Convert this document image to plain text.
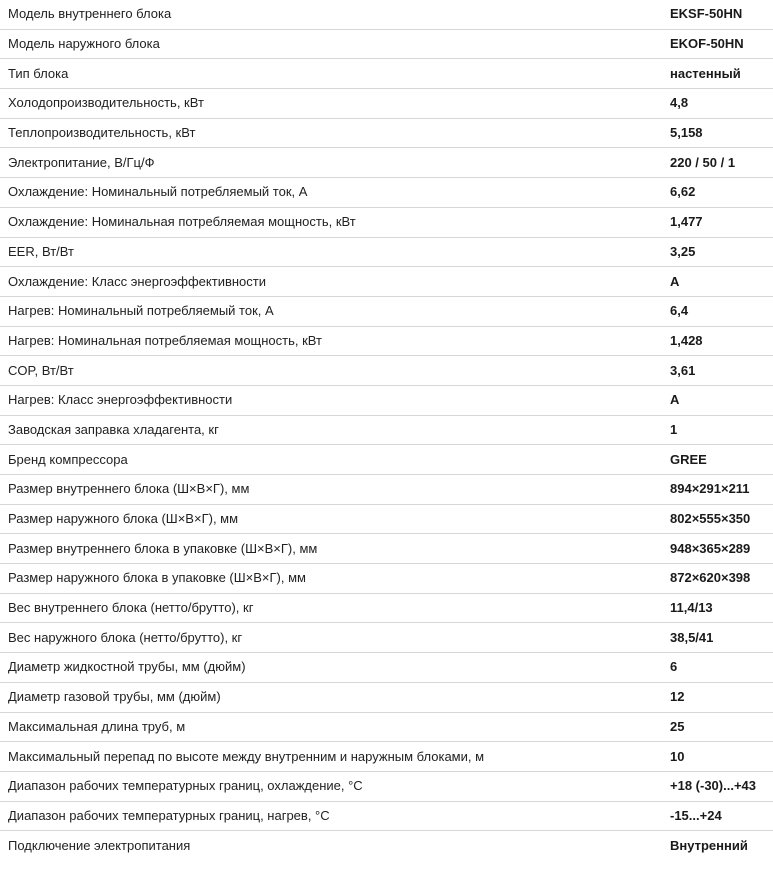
Модель внутреннего блока	EKSF-50HN
Модель наружного блока	EKOF-50HN
Тип блока	настенный
Холодопроизводительность, кВт	4,8
Теплопроизводительность, кВт	5,158
Электропитание, В/Гц/Ф	220 / 50 / 1
Охлаждение: Номинальный потребляемый ток, А	6,62
Охлаждение: Номинальная потребляемая мощность, кВт	1,477
EER, Вт/Вт	3,25
Охлаждение: Класс энергоэффективности	A
Нагрев: Номинальный потребляемый ток, А	6,4
Нагрев: Номинальная потребляемая мощность, кВт	1,428
COP, Вт/Вт	3,61
Нагрев: Класс энергоэффективности	A
Заводская заправка хладагента, кг	1
Бренд компрессора	GREE
Размер внутреннего блока (Ш×В×Г), мм	894×291×211
Размер наружного блока (Ш×В×Г), мм	802×555×350
Размер внутреннего блока в упаковке (Ш×В×Г), мм	948×365×289
Размер наружного блока в упаковке (Ш×В×Г), мм	872×620×398
Вес внутреннего блока (нетто/брутто), кг	11,4/13
Вес наружного блока (нетто/брутто), кг	38,5/41
Диаметр жидкостной трубы, мм (дюйм)	6
Диаметр газовой трубы, мм (дюйм)	12
Максимальная длина труб, м	25
Максимальный перепад по высоте между внутренним и наружным блоками, м	10
Диапазон рабочих температурных границ, охлаждение, °C	+18 (-30)...+43
Диапазон рабочих температурных границ, нагрев, °C	-15...+24
Подключение электропитания	Внутренний
